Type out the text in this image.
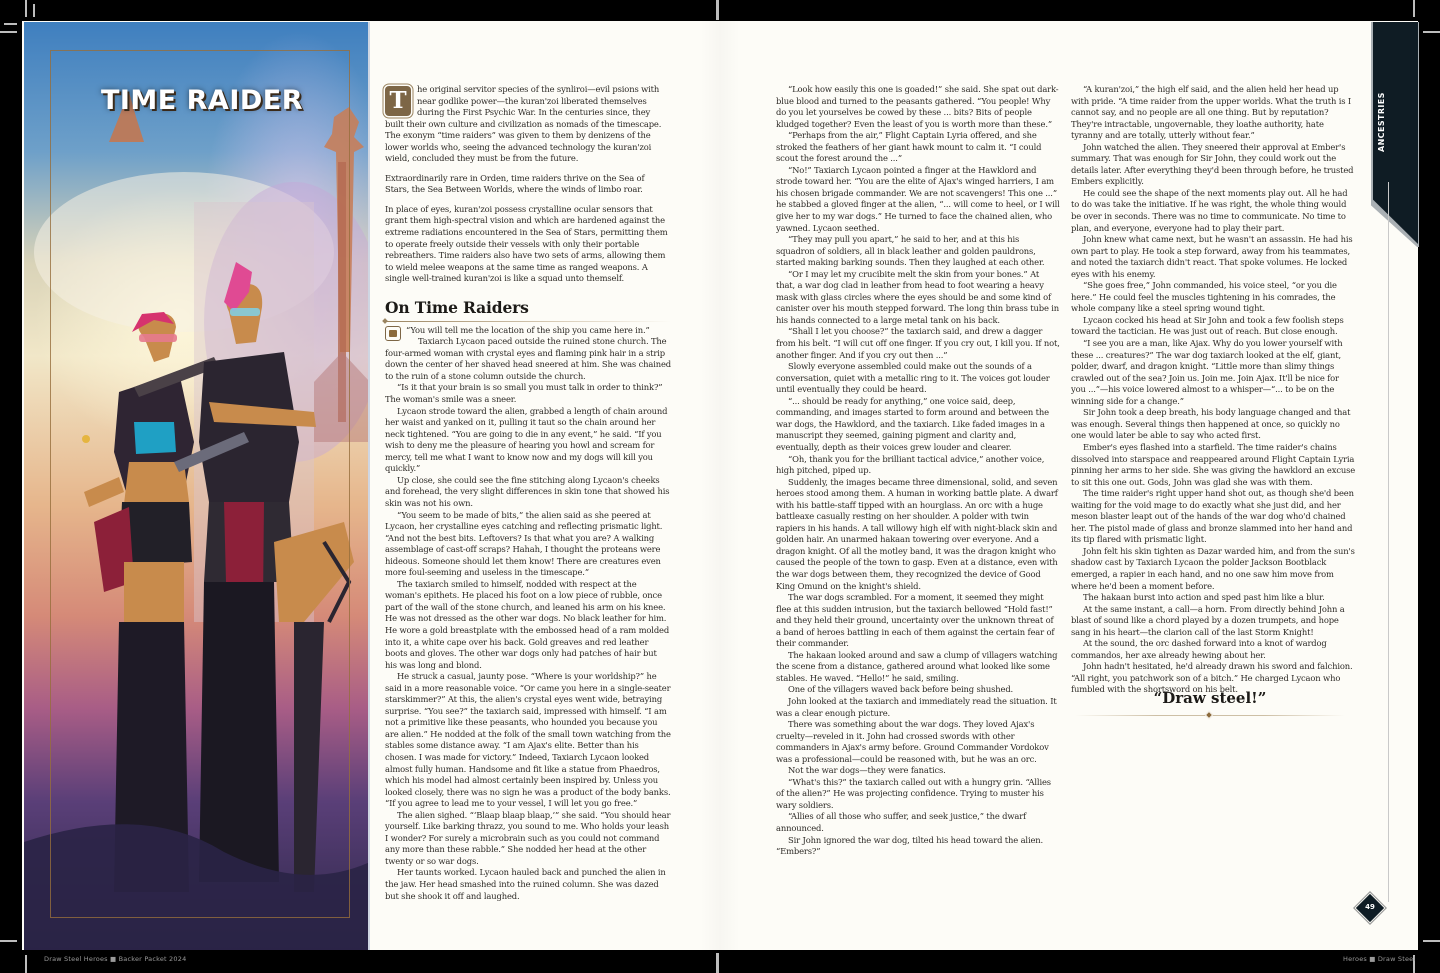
TIME RAIDER	T	he original servitor species of the synliroi—evil psions with near godlike power—the kuran'zoi liberated themselves during the First Psychic War. In the centuries since, they built their own culture and civilization as nomads of the timescape. The exonym “time raiders” was given to them by denizens of the lower worlds who, seeing the advanced technology the kuran'zoi wield, concluded they must be from the future.

Extraordinarily rare in Orden, time raiders thrive on the Sea of Stars, the Sea Between Worlds, where the winds of limbo roar.

In place of eyes, kuran'zoi possess crystalline ocular sensors that grant them high-spectral vision and which are hardened against the extreme radiations encountered in the Sea of Stars, permitting them to operate freely outside their vessels with only their portable rebreathers. Time raiders also have two sets of arms, allowing them to wield melee weapons at the same time as ranged weapons. A single well-trained kuran'zoi is like a squad unto themself.

On Time Raiders

“You will tell me the location of the ship you came here in.”

Taxiarch Lycaon paced outside the ruined stone church. The four-armed woman with crystal eyes and flaming pink hair in a strip down the center of her shaved head sneered at him. She was chained to the ruin of a stone column outside the church.

“Is it that your brain is so small you must talk in order to think?” The woman's smile was a sneer.

Lycaon strode toward the alien, grabbed a length of chain around her waist and yanked on it, pulling it taut so the chain around her neck tightened. “You are going to die in any event,” he said. “If you wish to deny me the pleasure of hearing you howl and scream for mercy, tell me what I want to know now and my dogs will kill you quickly.”

Up close, she could see the fine stitching along Lycaon's cheeks and forehead, the very slight differences in skin tone that showed his skin was not his own.

“You seem to be made of bits,” the alien said as she peered at Lycaon, her crystalline eyes catching and reflecting prismatic light. “And not the best bits. Leftovers? Is that what you are? A walking assemblage of cast-off scraps? Hahah, I thought the proteans were hideous. Someone should let them know! There are creatures even more foul-seeming and useless in the timescape.”

The taxiarch smiled to himself, nodded with respect at the woman's epithets. He placed his foot on a low piece of rubble, once part of the wall of the stone church, and leaned his arm on his knee. He was not dressed as the other war dogs. No black leather for him. He wore a gold breastplate with the embossed head of a ram molded into it, a white cape over his back. Gold greaves and red leather boots and gloves. The other war dogs only had patches of hair but his was long and blond.

He struck a casual, jaunty pose. “Where is your worldship?” he said in a more reasonable voice. “Or came you here in a single-seater starskimmer?” At this, the alien's crystal eyes went wide, betraying surprise. “You see?” the taxiarch said, impressed with himself. “I am not a primitive like these peasants, who hounded you because you are alien.” He nodded at the folk of the small town watching from the stables some distance away. “I am Ajax's elite. Better than his chosen. I was made for victory.” Indeed, Taxiarch Lycaon looked almost fully human. Handsome and fit like a statue from Phaedros, which his model had almost certainly been inspired by. Unless you looked closely, there was no sign he was a product of the body banks. “If you agree to lead me to your vessel, I will let you go free.”

The alien sighed. “‘Blaap blaap blaap,’” she said. “You should hear yourself. Like barking thrazz, you sound to me. Who holds your leash I wonder? For surely a microbrain such as you could not command any more than these rabble.” She nodded her head at the other twenty or so war dogs.

Her taunts worked. Lycaon hauled back and punched the alien in the jaw. Her head smashed into the ruined column. She was dazed but she shook it off and laughed.

“Look how easily this one is goaded!” she said. She spat out dark-blue blood and turned to the peasants gathered. “You people! Why do you let yourselves be cowed by these ... bits? Bits of people kludged together? Even the least of you is worth more than these.”

“Perhaps from the air,” Flight Captain Lyria offered, and she stroked the feathers of her giant hawk mount to calm it. “I could scout the forest around the ...”

“No!” Taxiarch Lycaon pointed a finger at the Hawklord and strode toward her. “You are the elite of Ajax's winged harriers, I am his chosen brigade commander. We are not scavengers! This one ...” he stabbed a gloved finger at the alien, “... will come to heel, or I will give her to my war dogs.” He turned to face the chained alien, who yawned. Lycaon seethed.

“They may pull you apart,” he said to her, and at this his squadron of soldiers, all in black leather and golden pauldrons, started making barking sounds. Then they laughed at each other.

“Or I may let my crucibite melt the skin from your bones.” At that, a war dog clad in leather from head to foot wearing a heavy mask with glass circles where the eyes should be and some kind of canister over his mouth stepped forward. The long thin brass tube in his hands connected to a large metal tank on his back.

“Shall I let you choose?” the taxiarch said, and drew a dagger from his belt. “I will cut off one finger. If you cry out, I kill you. If not, another finger. And if you cry out then ...”

Slowly everyone assembled could make out the sounds of a conversation, quiet with a metallic ring to it. The voices got louder until eventually they could be heard.

“... should be ready for anything,” one voice said, deep, commanding, and images started to form around and between the war dogs, the Hawklord, and the taxiarch. Like faded images in a manuscript they seemed, gaining pigment and clarity and, eventually, depth as their voices grew louder and clearer.

“Oh, thank you for the brilliant tactical advice,” another voice, high pitched, piped up.

Suddenly, the images became three dimensional, solid, and seven heroes stood among them. A human in working battle plate. A dwarf with his battle-staff tipped with an hourglass. An orc with a huge battleaxe casually resting on her shoulder. A polder with twin rapiers in his hands. A tall willowy high elf with night-black skin and golden hair. An unarmed hakaan towering over everyone. And a dragon knight. Of all the motley band, it was the dragon knight who caused the people of the town to gasp. Even at a distance, even with the war dogs between them, they recognized the device of Good King Omund on the knight's shield.

The war dogs scrambled. For a moment, it seemed they might flee at this sudden intrusion, but the taxiarch bellowed “Hold fast!” and they held their ground, uncertainty over the unknown threat of a band of heroes battling in each of them against the certain fear of their commander.

The hakaan looked around and saw a clump of villagers watching the scene from a distance, gathered around what looked like some stables. He waved. “Hello!” he said, smiling.

One of the villagers waved back before being shushed.

John looked at the taxiarch and immediately read the situation. It was a clear enough picture.

There was something about the war dogs. They loved Ajax's cruelty—reveled in it. John had crossed swords with other commanders in Ajax's army before. Ground Commander Vordokov was a professional—could be reasoned with, but he was an orc.

Not the war dogs—they were fanatics.

“What's this?” the taxiarch called out with a hungry grin. “Allies of the alien?” He was projecting confidence. Trying to muster his wary soldiers.

“Allies of all those who suffer, and seek justice,” the dwarf announced.

Sir John ignored the war dog, tilted his head toward the alien. “Embers?”

“A kuran'zoi,” the high elf said, and the alien held her head up with pride. “A time raider from the upper worlds. What the truth is I cannot say, and no people are all one thing. But by reputation? They're intractable, ungovernable, they loathe authority, hate tyranny and are totally, utterly without fear.”

John watched the alien. They sneered their approval at Ember's summary. That was enough for Sir John, they could work out the details later. After everything they'd been through before, he trusted Embers explicitly.

He could see the shape of the next moments play out. All he had to do was take the initiative. If he was right, the whole thing would be over in seconds. There was no time to communicate. No time to plan, and everyone, everyone had to play their part.

John knew what came next, but he wasn't an assassin. He had his own part to play. He took a step forward, away from his teammates, and noted the taxiarch didn't react. That spoke volumes. He locked eyes with his enemy.

“She goes free,” John commanded, his voice steel, “or you die here.” He could feel the muscles tightening in his comrades, the whole company like a steel spring wound tight.

Lycaon cocked his head at Sir John and took a few foolish steps toward the tactician. He was just out of reach. But close enough.

“I see you are a man, like Ajax. Why do you lower yourself with these ... creatures?” The war dog taxiarch looked at the elf, giant, polder, dwarf, and dragon knight. “Little more than slimy things crawled out of the sea? Join us. Join me. Join Ajax. It'll be nice for you ...”—his voice lowered almost to a whisper—“... to be on the winning side for a change.”

Sir John took a deep breath, his body language changed and that was enough. Several things then happened at once, so quickly no one would later be able to say who acted first.

Ember's eyes flashed into a starfield. The time raider's chains dissolved into starspace and reappeared around Flight Captain Lyria pinning her arms to her side. She was giving the hawklord an excuse to sit this one out. Gods, John was glad she was with them.

The time raider's right upper hand shot out, as though she'd been waiting for the void mage to do exactly what she just did, and her meson blaster leapt out of the hands of the war dog who'd chained her. The pistol made of glass and bronze slammed into her hand and its tip flared with prismatic light.

John felt his skin tighten as Dazar warded him, and from the sun's shadow cast by Taxiarch Lycaon the polder Jackson Bootblack emerged, a rapier in each hand, and no one saw him move from where he'd been a moment before.

The hakaan burst into action and sped past him like a blur.

At the same instant, a call—a horn. From directly behind John a blast of sound like a chord played by a dozen trumpets, and hope sang in his heart—the clarion call of the last Storm Knight!

At the sound, the orc dashed forward into a knot of wardog commandos, her axe already hewing about her.

John hadn't hesitated, he'd already drawn his sword and falchion. “All right, you patchwork son of a bitch.” He charged Lycaon who fumbled with the shortsword on his belt.

“Draw steel!”
ANCESTRIES
49
Draw Steel Heroes ■ Backer Packet 2024	Heroes ■ Draw Steel
